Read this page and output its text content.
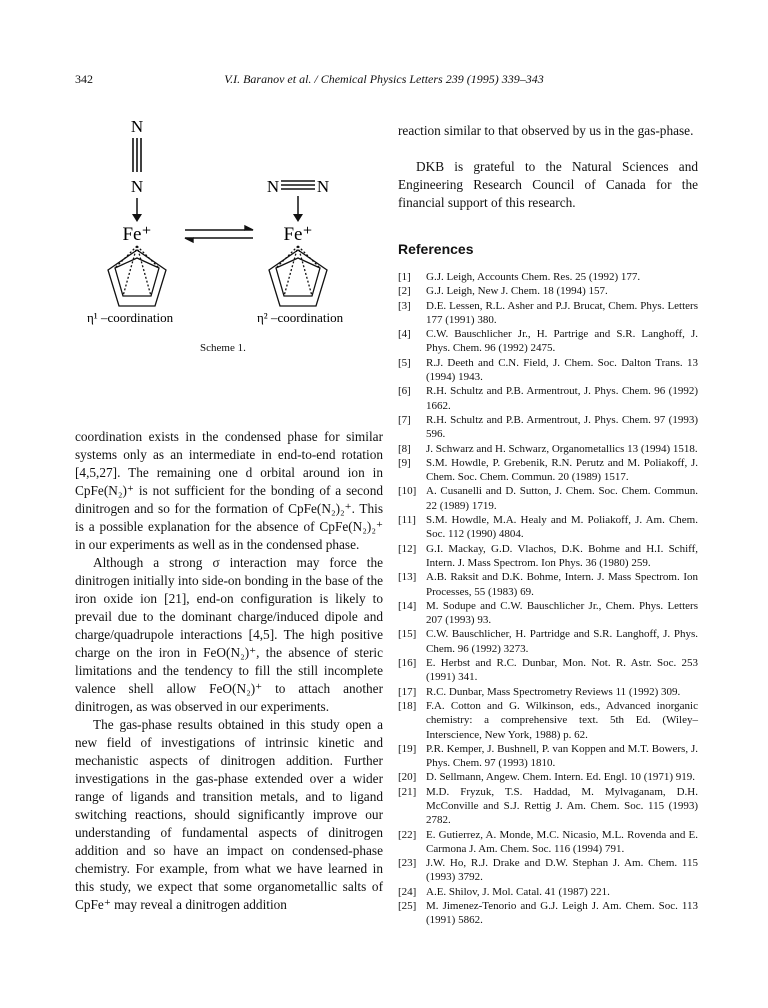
342	V.I. Baranov et al. / Chemical Physics Letters 239 (1995) 339–343
N
N
Fe⁺
η¹ –coordination
N N
Fe⁺
η² –coordination
Scheme 1.

coordination exists in the condensed phase for similar systems only as an intermediate in end-to-end rotation [4,5,27]. The remaining one d orbital around ion in CpFe(N₂)⁺ is not sufficient for the bonding of a second dinitrogen and so for the formation of CpFe(N₂)₂⁺. This is a possible explanation for the absence of CpFe(N₂)₂⁺ in our experiments as well as in the condensed phase.

Although a strong σ interaction may force the dinitrogen initially into side-on bonding in the base of the iron oxide ion [21], end-on configuration is likely to prevail due to the dominant charge/induced dipole and charge/quadrupole interactions [4,5]. The high positive charge on the iron in FeO(N₂)⁺, the absence of steric limitations and the tendency to fill the still incomplete valence shell allow FeO(N₂)⁺ to attach another dinitrogen, as was observed in our experiments.

The gas-phase results obtained in this study open a new field of investigations of intrinsic kinetic and mechanistic aspects of dinitrogen addition. Further investigations in the gas-phase extended over a wider range of ligands and transition metals, and to ligand switching reactions, should significantly improve our understanding of fundamental aspects of dinitrogen addition and so have an impact on condensed-phase chemistry. For example, from what we have learned in this study, we expect that some organometallic salts of CpFe⁺ may reveal a dinitrogen addition

reaction similar to that observed by us in the gas-phase.

DKB is grateful to the Natural Sciences and Engineering Research Council of Canada for the financial support of this research.

References
[1]	G.J. Leigh, Accounts Chem. Res. 25 (1992) 177.
[2]	G.J. Leigh, New J. Chem. 18 (1994) 157.
[3]	D.E. Lessen, R.L. Asher and P.J. Brucat, Chem. Phys. Letters 177 (1991) 380.
[4]	C.W. Bauschlicher Jr., H. Partrige and S.R. Langhoff, J. Phys. Chem. 96 (1992) 2475.
[5]	R.J. Deeth and C.N. Field, J. Chem. Soc. Dalton Trans. 13 (1994) 1943.
[6]	R.H. Schultz and P.B. Armentrout, J. Phys. Chem. 96 (1992) 1662.
[7]	R.H. Schultz and P.B. Armentrout, J. Phys. Chem. 97 (1993) 596.
[8]	J. Schwarz and H. Schwarz, Organometallics 13 (1994) 1518.
[9]	S.M. Howdle, P. Grebenik, R.N. Perutz and M. Poliakoff, J. Chem. Soc. Chem. Commun. 20 (1989) 1517.
[10] A. Cusanelli and D. Sutton, J. Chem. Soc. Chem. Commun. 22 (1989) 1719.
[11] S.M. Howdle, M.A. Healy and M. Poliakoff, J. Am. Chem. Soc. 112 (1990) 4804.
[12] G.I. Mackay, G.D. Vlachos, D.K. Bohme and H.I. Schiff, Intern. J. Mass Spectrom. Ion Phys. 36 (1980) 259.
[13] A.B. Raksit and D.K. Bohme, Intern. J. Mass Spectrom. Ion Processes, 55 (1983) 69.
[14] M. Sodupe and C.W. Bauschlicher Jr., Chem. Phys. Letters 207 (1993) 93.
[15] C.W. Bauschlicher, H. Partridge and S.R. Langhoff, J. Phys. Chem. 96 (1992) 3273.
[16] E. Herbst and R.C. Dunbar, Mon. Not. R. Astr. Soc. 253 (1991) 341.
[17] R.C. Dunbar, Mass Spectrometry Reviews 11 (1992) 309.
[18] F.A. Cotton and G. Wilkinson, eds., Advanced inorganic chemistry: a comprehensive text. 5th Ed. (Wiley–Interscience, New York, 1988) p. 62.
[19] P.R. Kemper, J. Bushnell, P. van Koppen and M.T. Bowers, J. Phys. Chem. 97 (1993) 1810.
[20] D. Sellmann, Angew. Chem. Intern. Ed. Engl. 10 (1971) 919.
[21] M.D. Fryzuk, T.S. Haddad, M. Mylvaganam, D.H. McConville and S.J. Rettig J. Am. Chem. Soc. 115 (1993) 2782.
[22] E. Gutierrez, A. Monde, M.C. Nicasio, M.L. Rovenda and E. Carmona J. Am. Chem. Soc. 116 (1994) 791.
[23] J.W. Ho, R.J. Drake and D.W. Stephan J. Am. Chem. 115 (1993) 3792.
[24] A.E. Shilov, J. Mol. Catal. 41 (1987) 221.
[25] M. Jimenez-Tenorio and G.J. Leigh J. Am. Chem. Soc. 113 (1991) 5862.
